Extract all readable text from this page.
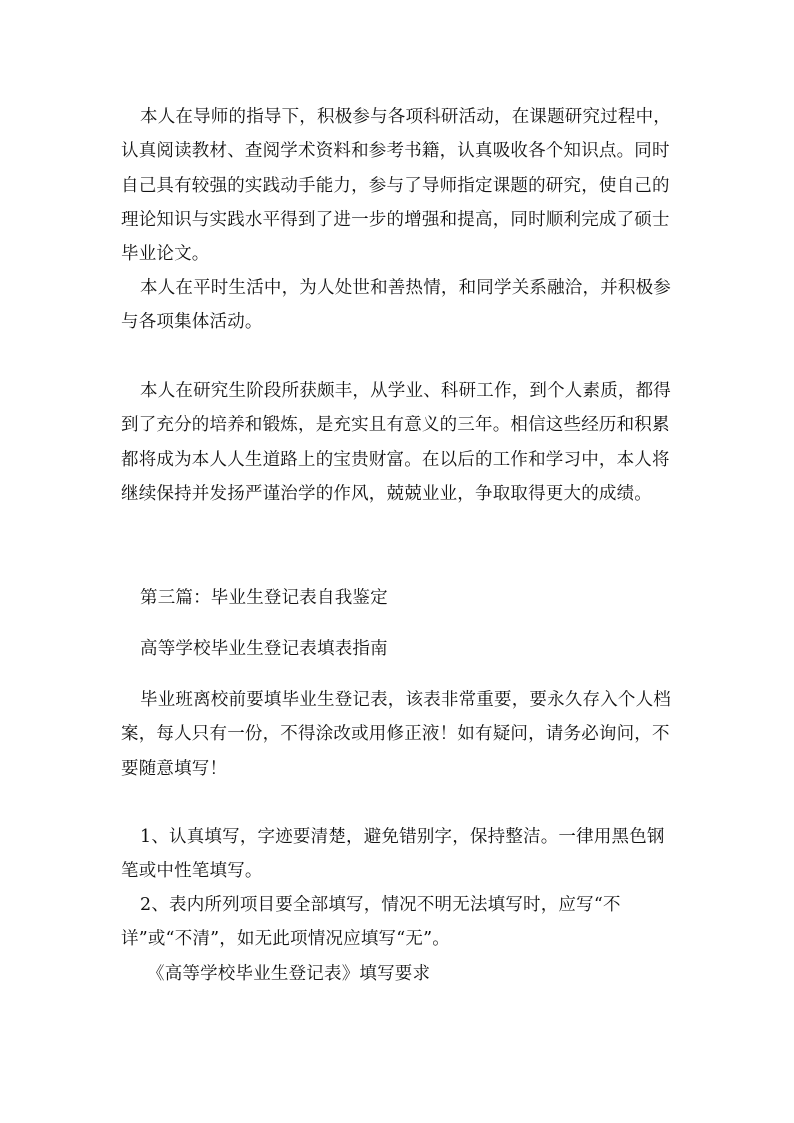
本人在导师的指导下，积极参与各项科研活动，在课题研究过程中，认真阅读教材、查阅学术资料和参考书籍，认真吸收各个知识点。同时自己具有较强的实践动手能力，参与了导师指定课题的研究，使自己的理论知识与实践水平得到了进一步的增强和提高，同时顺利完成了硕士毕业论文。

本人在平时生活中，为人处世和善热情，和同学关系融洽，并积极参与各项集体活动。

本人在研究生阶段所获颇丰，从学业、科研工作，到个人素质，都得到了充分的培养和锻炼，是充实且有意义的三年。相信这些经历和积累都将成为本人人生道路上的宝贵财富。在以后的工作和学习中，本人将继续保持并发扬严谨治学的作风，兢兢业业，争取取得更大的成绩。

第三篇：毕业生登记表自我鉴定

高等学校毕业生登记表填表指南

毕业班离校前要填毕业生登记表，该表非常重要，要永久存入个人档案，每人只有一份，不得涂改或用修正液！如有疑问，请务必询问，不要随意填写！

1、认真填写，字迹要清楚，避免错别字，保持整洁。一律用黑色钢笔或中性笔填写。

2、表内所列项目要全部填写，情况不明无法填写时，应写“不详”或“不清”，如无此项情况应填写“无”。

《高等学校毕业生登记表》填写要求
